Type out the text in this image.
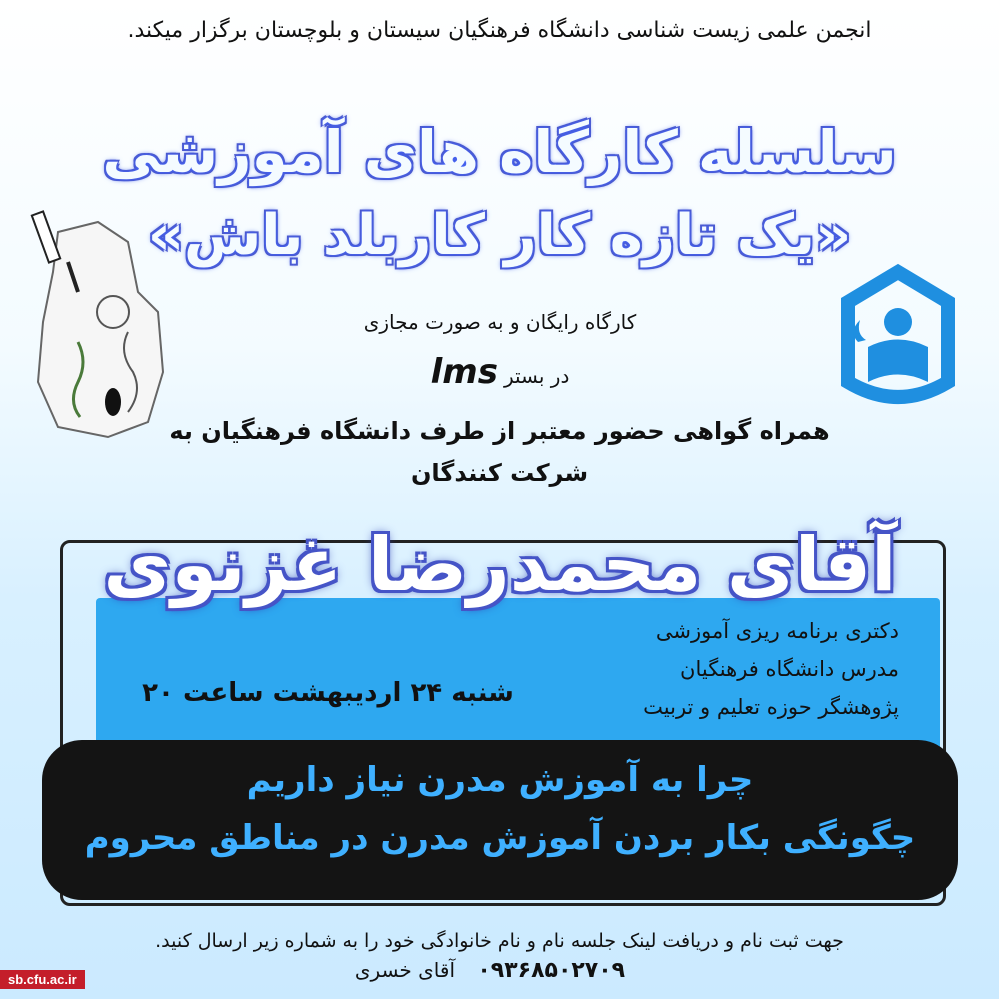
انجمن علمی زیست شناسی دانشگاه فرهنگیان سیستان و بلوچستان برگزار میکند.
سلسله کارگاه های آموزشی
«یک تازه کار کاربلد باش»
کارگاه رایگان و به صورت مجازی
در بسترlms
همراه گواهی حضور معتبر از طرف دانشگاه فرهنگیان به
شرکت کنندگان
آقای محمدرضا غزنوی
دکتری برنامه ریزی آموزشی
مدرس دانشگاه فرهنگیان
پژوهشگر حوزه تعلیم و تربیت
شنبه ۲۴ اردیبهشت ساعت ۲۰
چرا به آموزش مدرن نیاز داریم
چگونگی بکار بردن آموزش مدرن در مناطق محروم
جهت ثبت نام و دریافت لینک جلسه نام و نام خانوادگی خود را به شماره زیر ارسال کنید.
۰۹۳۶۸۵۰۲۷۰۹ آقای خسری
sb.cfu.ac.ir
